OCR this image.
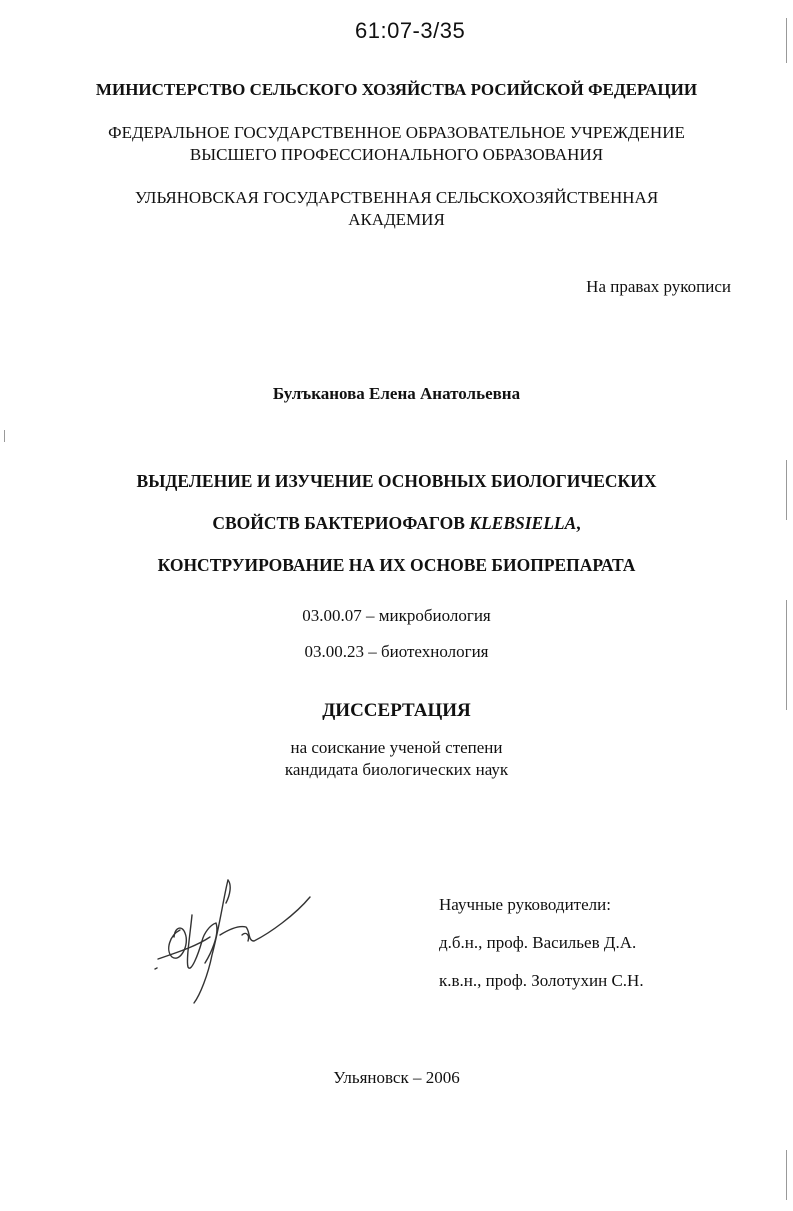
61:07-3/35
МИНИСТЕРСТВО СЕЛЬСКОГО ХОЗЯЙСТВА РОСИЙСКОЙ ФЕДЕРАЦИИ
ФЕДЕРАЛЬНОЕ ГОСУДАРСТВЕННОЕ ОБРАЗОВАТЕЛЬНОЕ УЧРЕЖДЕНИЕ
ВЫСШЕГО ПРОФЕССИОНАЛЬНОГО ОБРАЗОВАНИЯ
УЛЬЯНОВСКАЯ ГОСУДАРСТВЕННАЯ СЕЛЬСКОХОЗЯЙСТВЕННАЯ
АКАДЕМИЯ
На правах рукописи
Булъканова Елена Анатольевна
ВЫДЕЛЕНИЕ И ИЗУЧЕНИЕ ОСНОВНЫХ БИОЛОГИЧЕСКИХ
СВОЙСТВ БАКТЕРИОФАГОВ KLEBSIELLA,
КОНСТРУИРОВАНИЕ НА ИХ ОСНОВЕ БИОПРЕПАРАТА
03.00.07 – микробиология
03.00.23 – биотехнология
ДИССЕРТАЦИЯ
на соискание ученой степени
кандидата биологических наук
Научные руководители:
д.б.н., проф. Васильев Д.А.
к.в.н., проф. Золотухин С.Н.
Ульяновск – 2006
